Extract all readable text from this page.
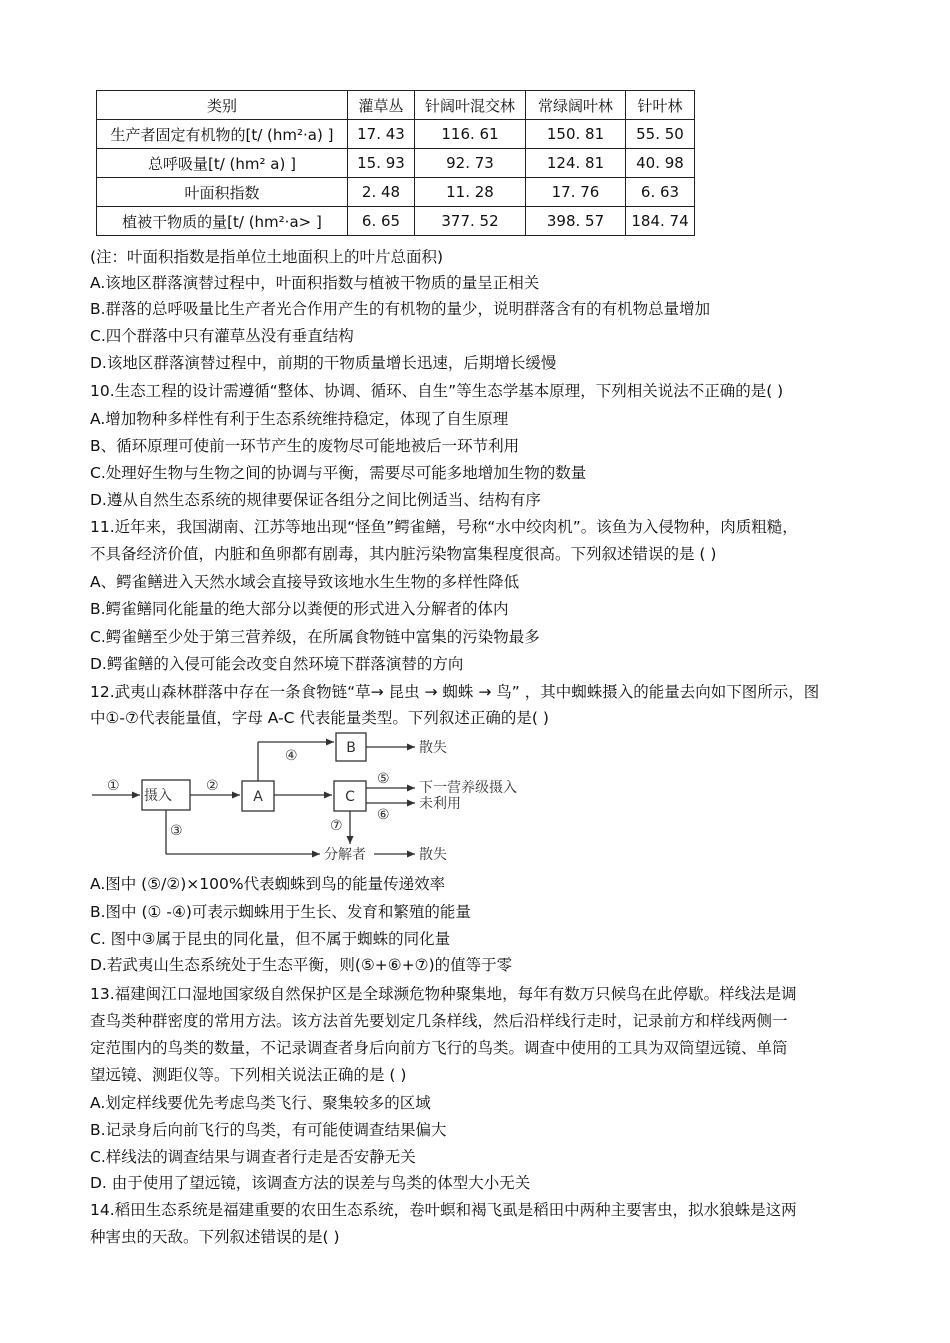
类别	灌草丛	针阔叶混交林	常绿阔叶林	针叶林
生产者固定有机物的[t/ (hm²·a) ]	17. 43	116. 61	150. 81	55. 50
总呼吸量[t/ (hm² a) ]	15. 93	92. 73	124. 81	40. 98
叶面积指数	2. 48	11. 28	17. 76	6. 63
植被干物质的量[t/ (hm²·a> ]	6. 65	377. 52	398. 57	184. 74
(注：叶面积指数是指单位土地面积上的叶片总面积)
A.该地区群落演替过程中，叶面积指数与植被干物质的量呈正相关
B.群落的总呼吸量比生产者光合作用产生的有机物的量少，说明群落含有的有机物总量增加
C.四个群落中只有灌草丛没有垂直结构
D.该地区群落演替过程中，前期的干物质量增长迅速，后期增长缓慢
10.生态工程的设计需遵循“整体、协调、循环、自生”等生态学基本原理，下列相关说法不正确的是( )
A.增加物种多样性有利于生态系统维持稳定，体现了自生原理
B、循环原理可使前一环节产生的废物尽可能地被后一环节利用
C.处理好生物与生物之间的协调与平衡，需要尽可能多地增加生物的数量
D.遵从自然生态系统的规律要保证各组分之间比例适当、结构有序
11.近年来，我国湖南、江苏等地出现“怪鱼”鳄雀鳝，号称“水中绞肉机”。该鱼为入侵物种，肉质粗糙，
不具备经济价值，内脏和鱼卵都有剧毒，其内脏污染物富集程度很高。下列叙述错误的是 ( )
A、鳄雀鳝进入天然水域会直接导致该地水生生物的多样性降低
B.鳄雀鳝同化能量的绝大部分以粪便的形式进入分解者的体内
C.鳄雀鳝至少处于第三营养级，在所属食物链中富集的污染物最多
D.鳄雀鳝的入侵可能会改变自然环境下群落演替的方向
12.武夷山森林群落中存在一条食物链“草→ 昆虫 → 蜘蛛 → 鸟” ，其中蜘蛛摄入的能量去向如下图所示，图
中①-⑦代表能量值，字母 A-C 代表能量类型。下列叙述正确的是( )
摄入	A
B
C
散失
下一营养级摄入
未利用
分解者	散失
①	②
③
④
⑤
⑥
⑦
A.图中 (⑤/②)×100%代表蜘蛛到鸟的能量传递效率
B.图中 (① -④)可表示蜘蛛用于生长、发育和繁殖的能量
C. 图中③属于昆虫的同化量，但不属于蜘蛛的同化量
D.若武夷山生态系统处于生态平衡，则(⑤+⑥+⑦)的值等于零
13.福建闽江口湿地国家级自然保护区是全球濒危物种聚集地，每年有数万只候鸟在此停歇。样线法是调
查鸟类种群密度的常用方法。该方法首先要划定几条样线，然后沿样线行走时，记录前方和样线两侧一
定范围内的鸟类的数量，不记录调查者身后向前方飞行的鸟类。调查中使用的工具为双筒望远镜、单筒
望远镜、测距仪等。下列相关说法正确的是 ( )
A.划定样线要优先考虑鸟类飞行、聚集较多的区域
B.记录身后向前飞行的鸟类，有可能使调查结果偏大
C.样线法的调查结果与调查者行走是否安静无关
D. 由于使用了望远镜，该调查方法的误差与鸟类的体型大小无关
14.稻田生态系统是福建重要的农田生态系统，卷叶螟和褐飞虱是稻田中两种主要害虫，拟水狼蛛是这两
种害虫的天敌。下列叙述错误的是( )
